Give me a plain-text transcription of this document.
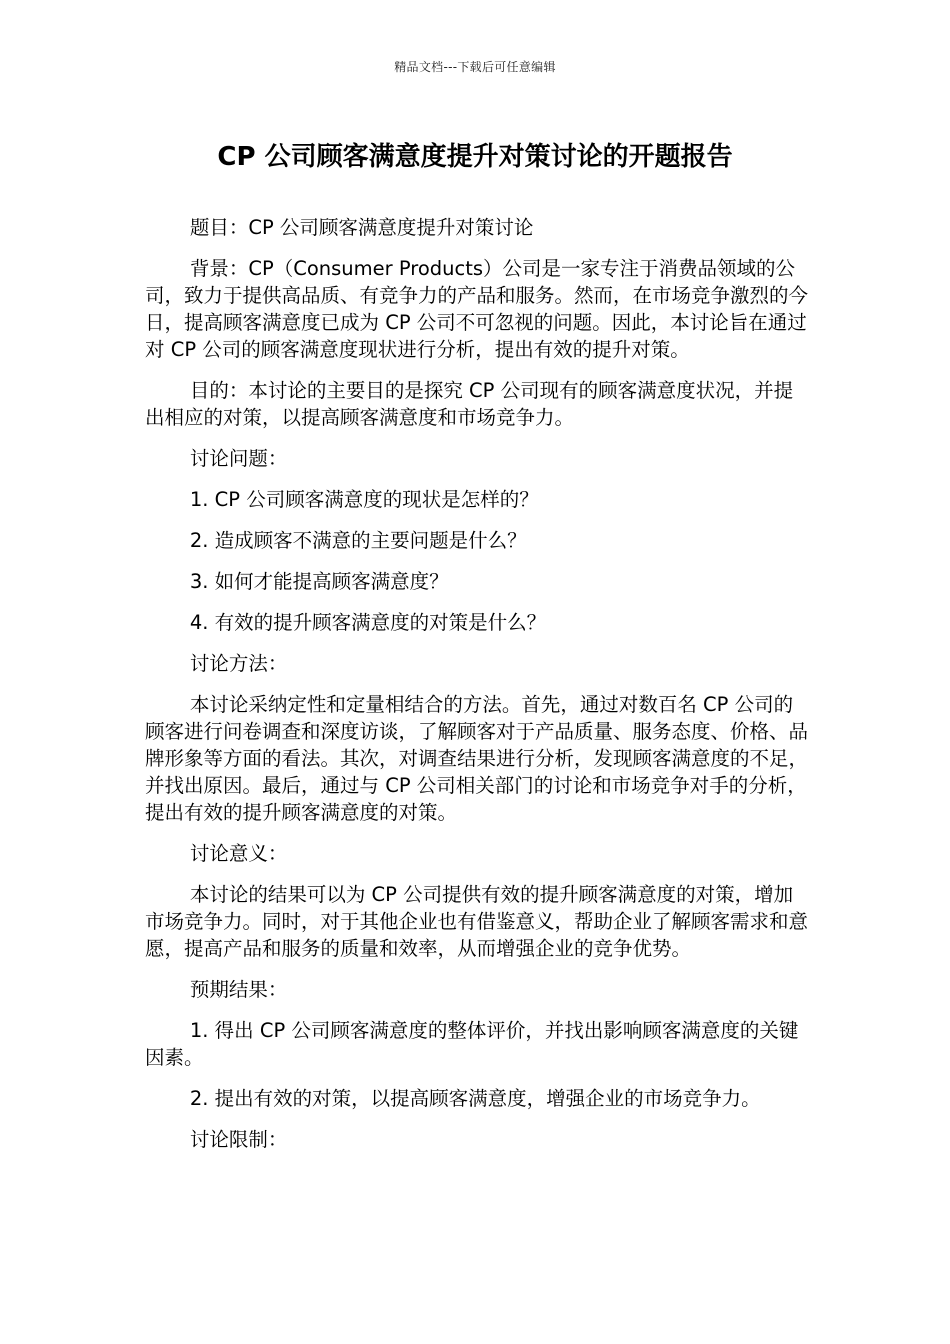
精品文档---下载后可任意编辑
CP 公司顾客满意度提升对策讨论的开题报告

题目：CP 公司顾客满意度提升对策讨论

背景：CP（Consumer Products）公司是一家专注于消费品领域的公司，致力于提供高品质、有竞争力的产品和服务。然而，在市场竞争激烈的今日，提高顾客满意度已成为 CP 公司不可忽视的问题。因此，本讨论旨在通过对 CP 公司的顾客满意度现状进行分析，提出有效的提升对策。

目的：本讨论的主要目的是探究 CP 公司现有的顾客满意度状况，并提出相应的对策，以提高顾客满意度和市场竞争力。

讨论问题：

1. CP 公司顾客满意度的现状是怎样的？

2. 造成顾客不满意的主要问题是什么？

3. 如何才能提高顾客满意度？

4. 有效的提升顾客满意度的对策是什么？

讨论方法：

本讨论采纳定性和定量相结合的方法。首先，通过对数百名 CP 公司的顾客进行问卷调查和深度访谈，了解顾客对于产品质量、服务态度、价格、品牌形象等方面的看法。其次，对调查结果进行分析，发现顾客满意度的不足，并找出原因。最后，通过与 CP 公司相关部门的讨论和市场竞争对手的分析，提出有效的提升顾客满意度的对策。

讨论意义：

本讨论的结果可以为 CP 公司提供有效的提升顾客满意度的对策，增加市场竞争力。同时，对于其他企业也有借鉴意义，帮助企业了解顾客需求和意愿，提高产品和服务的质量和效率，从而增强企业的竞争优势。

预期结果：

1. 得出 CP 公司顾客满意度的整体评价，并找出影响顾客满意度的关键因素。

2. 提出有效的对策，以提高顾客满意度，增强企业的市场竞争力。

讨论限制：
